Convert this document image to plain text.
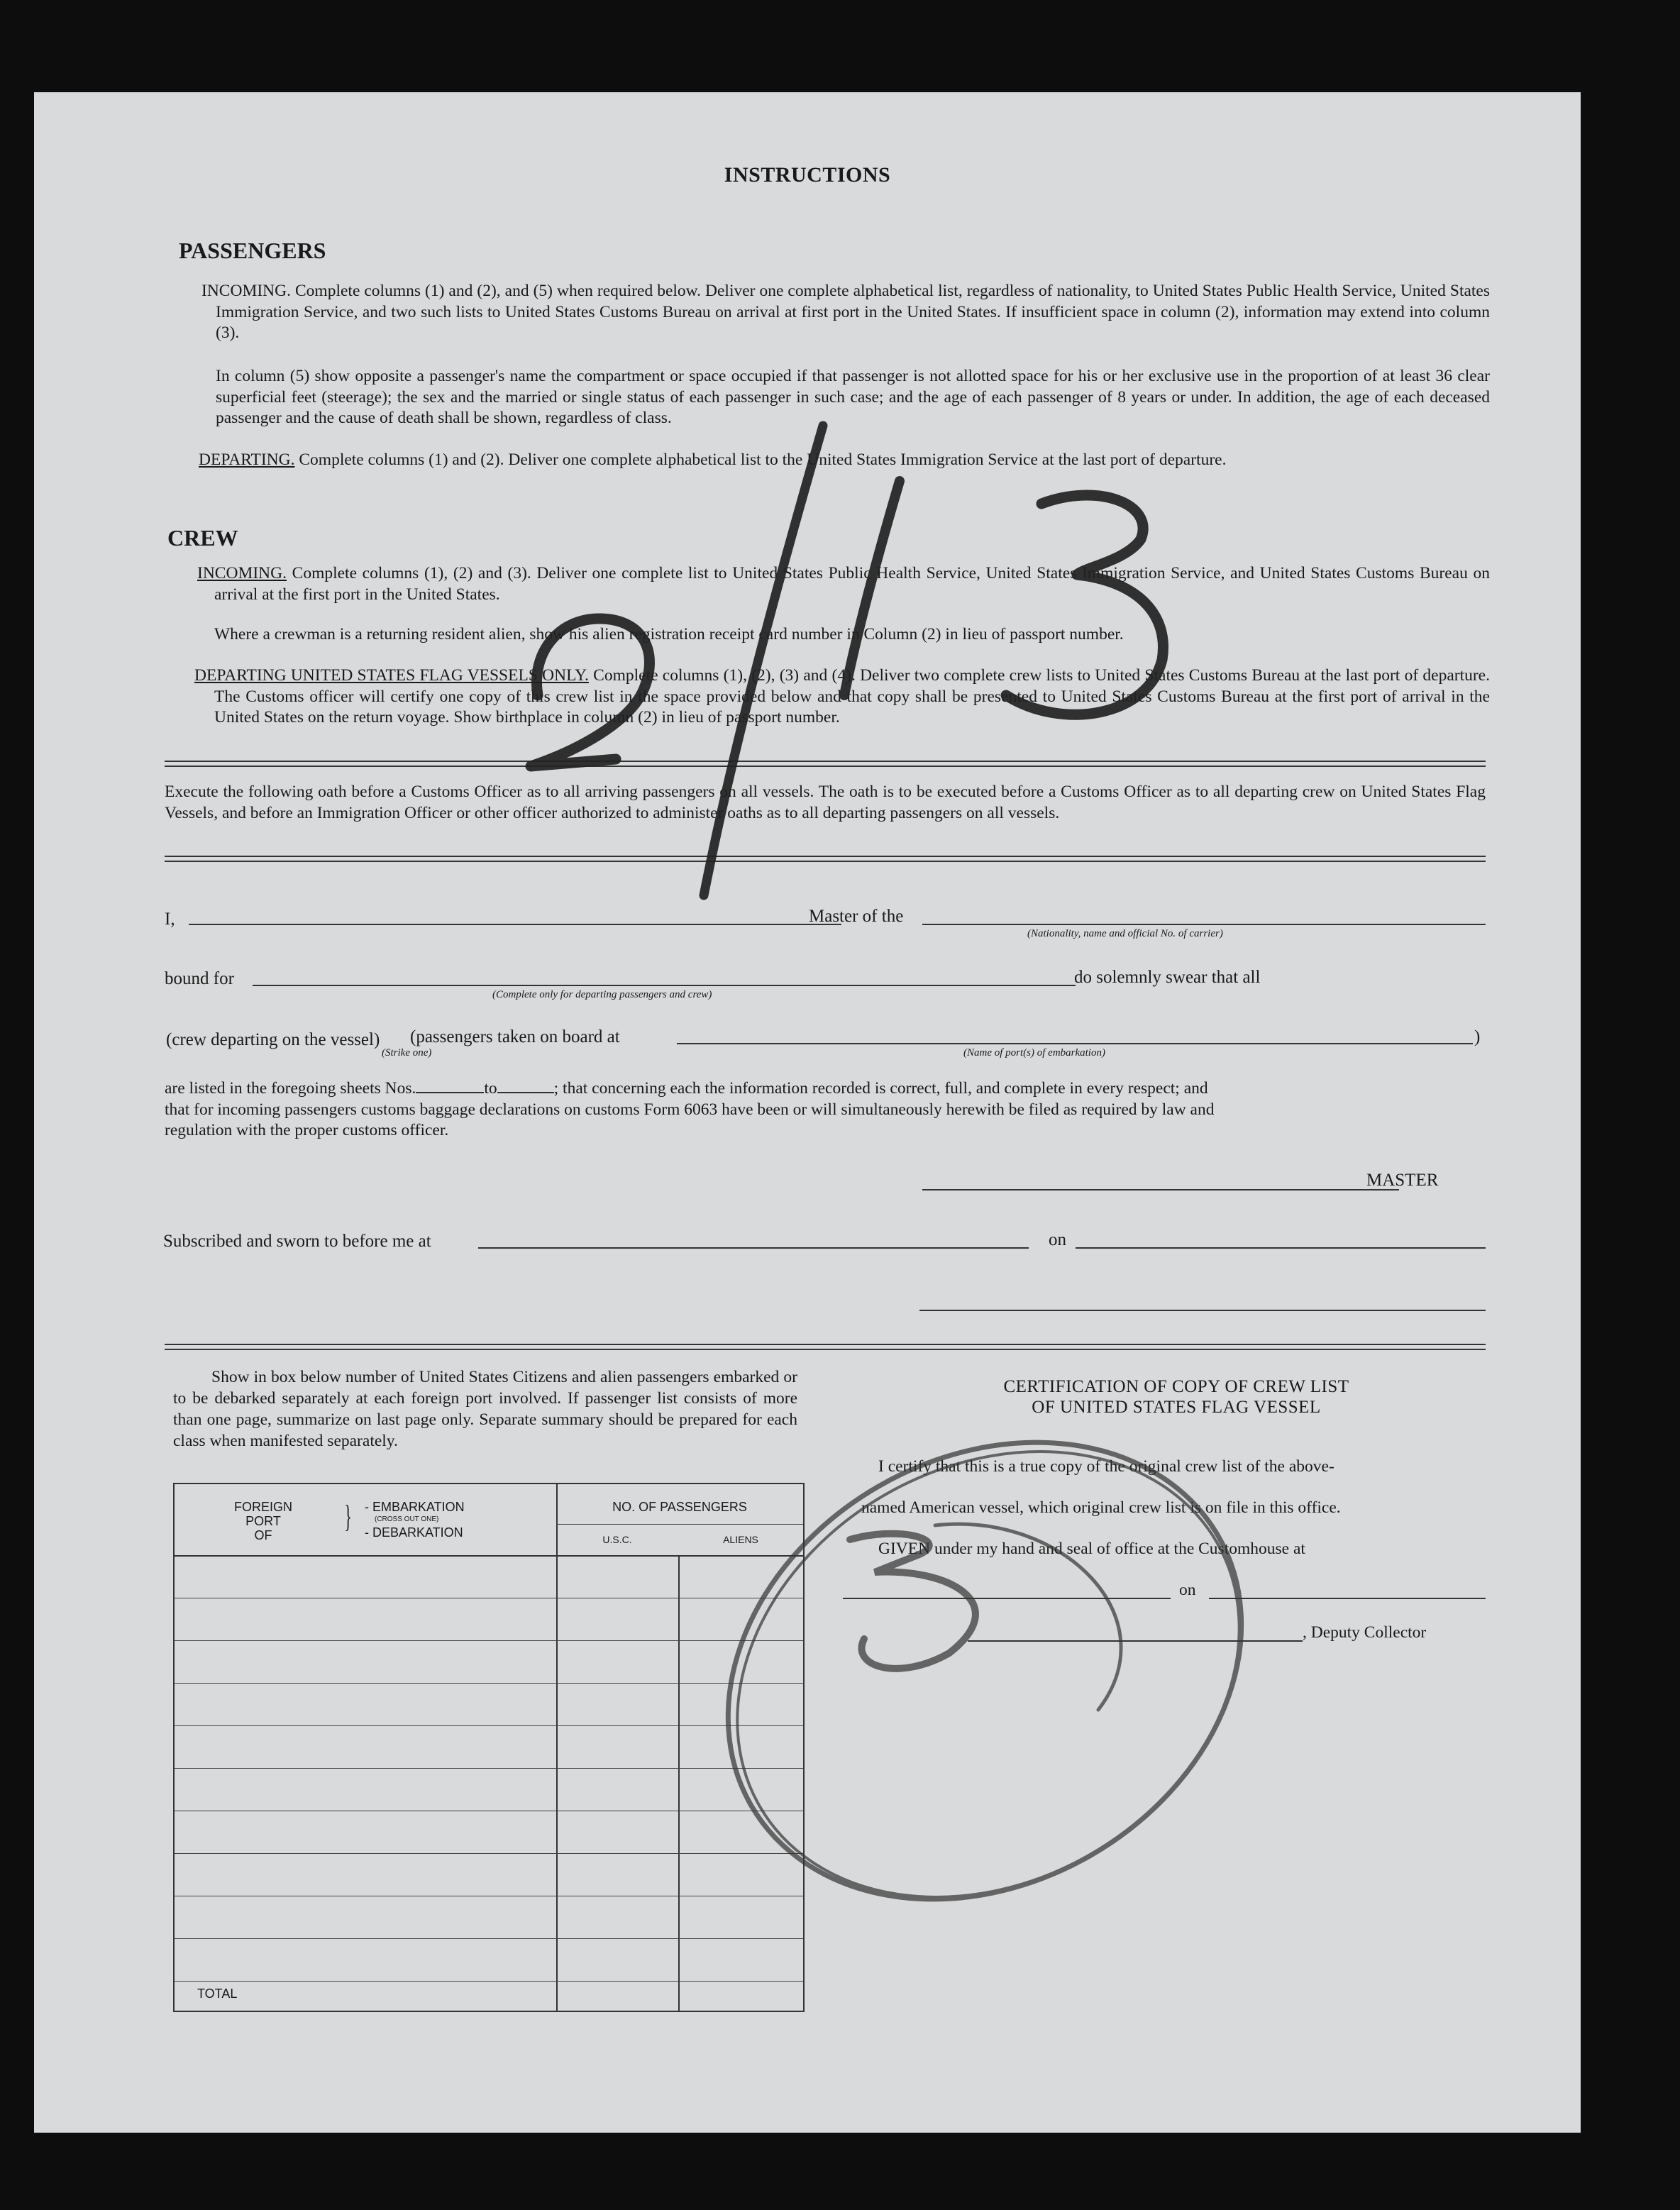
INSTRUCTIONS
PASSENGERS
INCOMING. Complete columns (1) and (2), and (5) when required below. Deliver one complete alphabetical list, regardless of nationality, to United States Public Health Service, United States Immigration Service, and two such lists to United States Customs Bureau on arrival at first port in the United States. If insufficient space in column (2), information may extend into column (3).
In column (5) show opposite a passenger's name the compartment or space occupied if that passenger is not allotted space for his or her exclusive use in the proportion of at least 36 clear superficial feet (steerage); the sex and the married or single status of each passenger in such case; and the age of each passenger of 8 years or under. In addition, the age of each deceased passenger and the cause of death shall be shown, regardless of class.
DEPARTING. Complete columns (1) and (2). Deliver one complete alphabetical list to the United States Immigration Service at the last port of departure.
CREW
INCOMING. Complete columns (1), (2) and (3). Deliver one complete list to United States Public Health Service, United States Immigration Service, and United States Customs Bureau on arrival at the first port in the United States.
Where a crewman is a returning resident alien, show his alien registration receipt card number in Column (2) in lieu of passport number.
DEPARTING UNITED STATES FLAG VESSELS ONLY. Complete columns (1), (2), (3) and (4). Deliver two complete crew lists to United States Customs Bureau at the last port of departure. The Customs officer will certify one copy of this crew list in the space provided below and that copy shall be presented to United States Customs Bureau at the first port of arrival in the United States on the return voyage. Show birthplace in column (2) in lieu of passport number.
Execute the following oath before a Customs Officer as to all arriving passengers on all vessels. The oath is to be executed before a Customs Officer as to all departing crew on United States Flag Vessels, and before an Immigration Officer or other officer authorized to administer oaths as to all departing passengers on all vessels.
I,	Master of the
(Nationality, name and official No. of carrier)
bound for
(Complete only for departing passengers and crew)
do solemnly swear that all
(crew departing on the vessel) (passengers taken on board at	)
(Strike one)	(Name of port(s) of embarkation)
are listed in the foregoing sheets Nos.	to	; that concerning each the information recorded is correct, full, and complete in every respect; and
that for incoming passengers customs baggage declarations on customs Form 6063 have been or will simultaneously herewith be filed as required by law and
regulation with the proper customs officer.
MASTER
Subscribed and sworn to before me at	on
Show in box below number of United States Citizens and alien passengers embarked or to be debarked separately at each foreign port involved. If passenger list consists of more than one page, summarize on last page only. Separate summary should be prepared for each class when manifested separately.
FOREIGN
PORT
OF
} - EMBARKATION
(CROSS OUT ONE)
- DEBARKATION
NO. OF PASSENGERS
U.S.C.	ALIENS
TOTAL
CERTIFICATION OF COPY OF CREW LIST
OF UNITED STATES FLAG VESSEL
I certify that this is a true copy of the original crew list of the above-
named American vessel, which original crew list is on file in this office.
GIVEN under my hand and seal of office at the Customhouse at
on
, Deputy Collector
